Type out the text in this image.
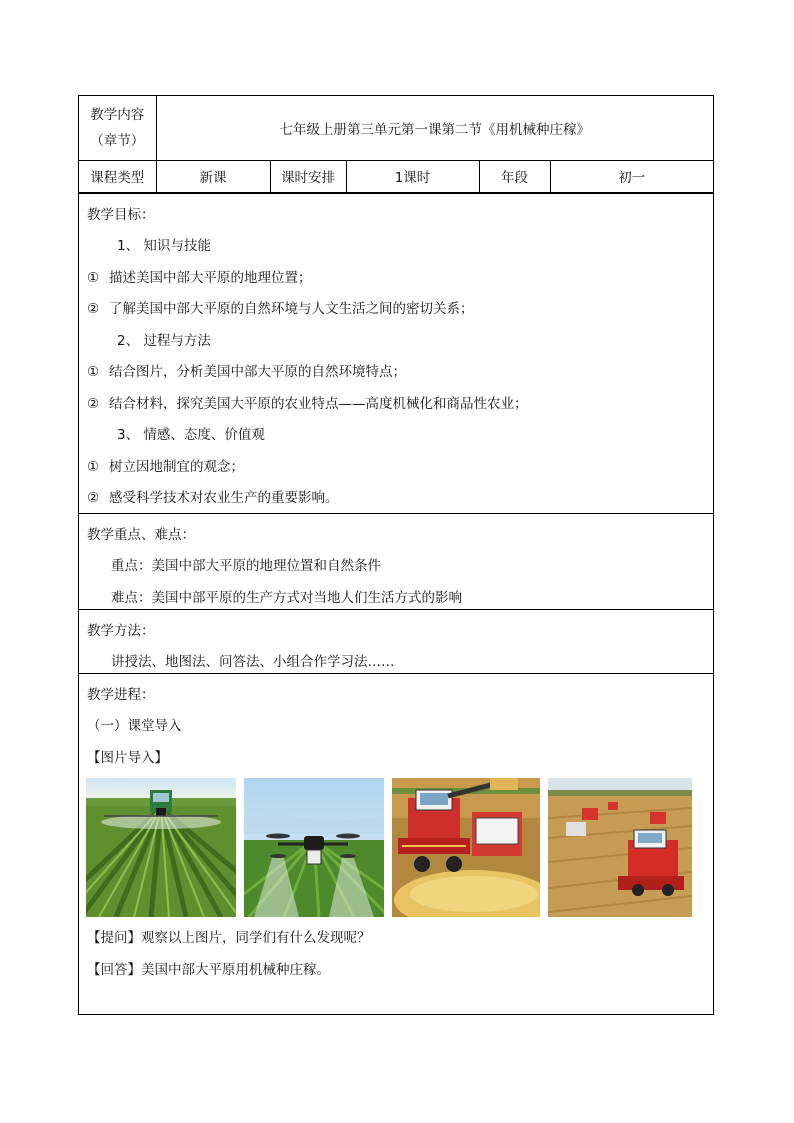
教学内容
（章节）	七年级上册第三单元第一课第二节《用机械种庄稼》				
课程类型	新课	课时安排	1课时	年段	初一
教学目标：
1、 知识与技能
① 描述美国中部大平原的地理位置；
② 了解美国中部大平原的自然环境与人文生活之间的密切关系；
2、 过程与方法
① 结合图片，分析美国中部大平原的自然环境特点；
② 结合材料，探究美国大平原的农业特点——高度机械化和商品性农业；
3、 情感、态度、价值观
① 树立因地制宜的观念；
② 感受科学技术对农业生产的重要影响。
教学重点、难点：
重点：美国中部大平原的地理位置和自然条件
难点：美国中部平原的生产方式对当地人们生活方式的影响
教学方法：
讲授法、地图法、问答法、小组合作学习法……
教学进程：
（一）课堂导入
【图片导入】
【提问】观察以上图片，同学们有什么发现呢？
【回答】美国中部大平原用机械种庄稼。
